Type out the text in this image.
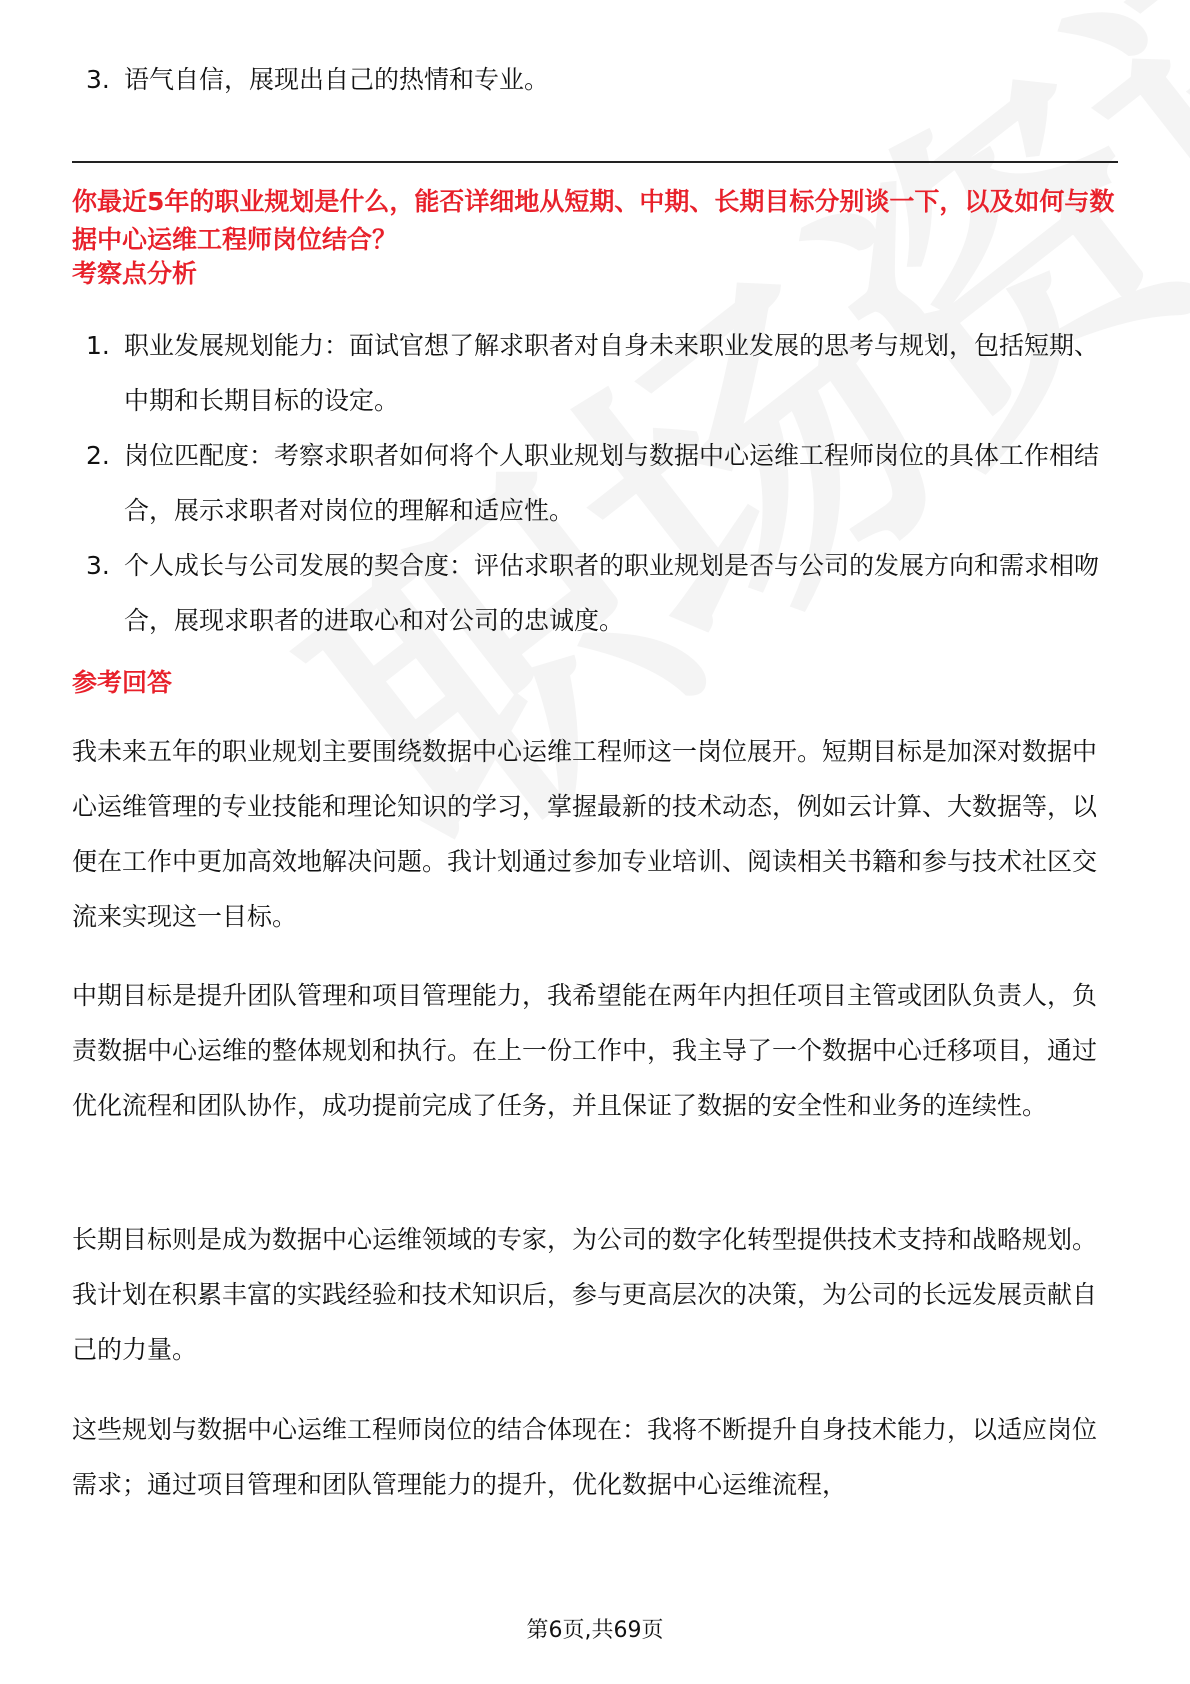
3. 语气自信，展现出自己的热情和专业。
你最近5年的职业规划是什么，能否详细地从短期、中期、长期目标分别谈一下，以及如何与数据中心运维工程师岗位结合？
考察点分析
1. 职业发展规划能力：面试官想了解求职者对自身未来职业发展的思考与规划，包括短期、中期和长期目标的设定。
2. 岗位匹配度：考察求职者如何将个人职业规划与数据中心运维工程师岗位的具体工作相结合，展示求职者对岗位的理解和适应性。
3. 个人成长与公司发展的契合度：评估求职者的职业规划是否与公司的发展方向和需求相吻合，展现求职者的进取心和对公司的忠诚度。
参考回答

我未来五年的职业规划主要围绕数据中心运维工程师这一岗位展开。短期目标是加深对数据中心运维管理的专业技能和理论知识的学习，掌握最新的技术动态，例如云计算、大数据等，以便在工作中更加高效地解决问题。我计划通过参加专业培训、阅读相关书籍和参与技术社区交流来实现这一目标。

中期目标是提升团队管理和项目管理能力，我希望能在两年内担任项目主管或团队负责人，负责数据中心运维的整体规划和执行。在上一份工作中，我主导了一个数据中心迁移项目，通过优化流程和团队协作，成功提前完成了任务，并且保证了数据的安全性和业务的连续性。

长期目标则是成为数据中心运维领域的专家，为公司的数字化转型提供技术支持和战略规划。我计划在积累丰富的实践经验和技术知识后，参与更高层次的决策，为公司的长远发展贡献自己的力量。

这些规划与数据中心运维工程师岗位的结合体现在：我将不断提升自身技术能力，以适应岗位需求；通过项目管理和团队管理能力的提升，优化数据中心运维流程，

第6页,共69页
